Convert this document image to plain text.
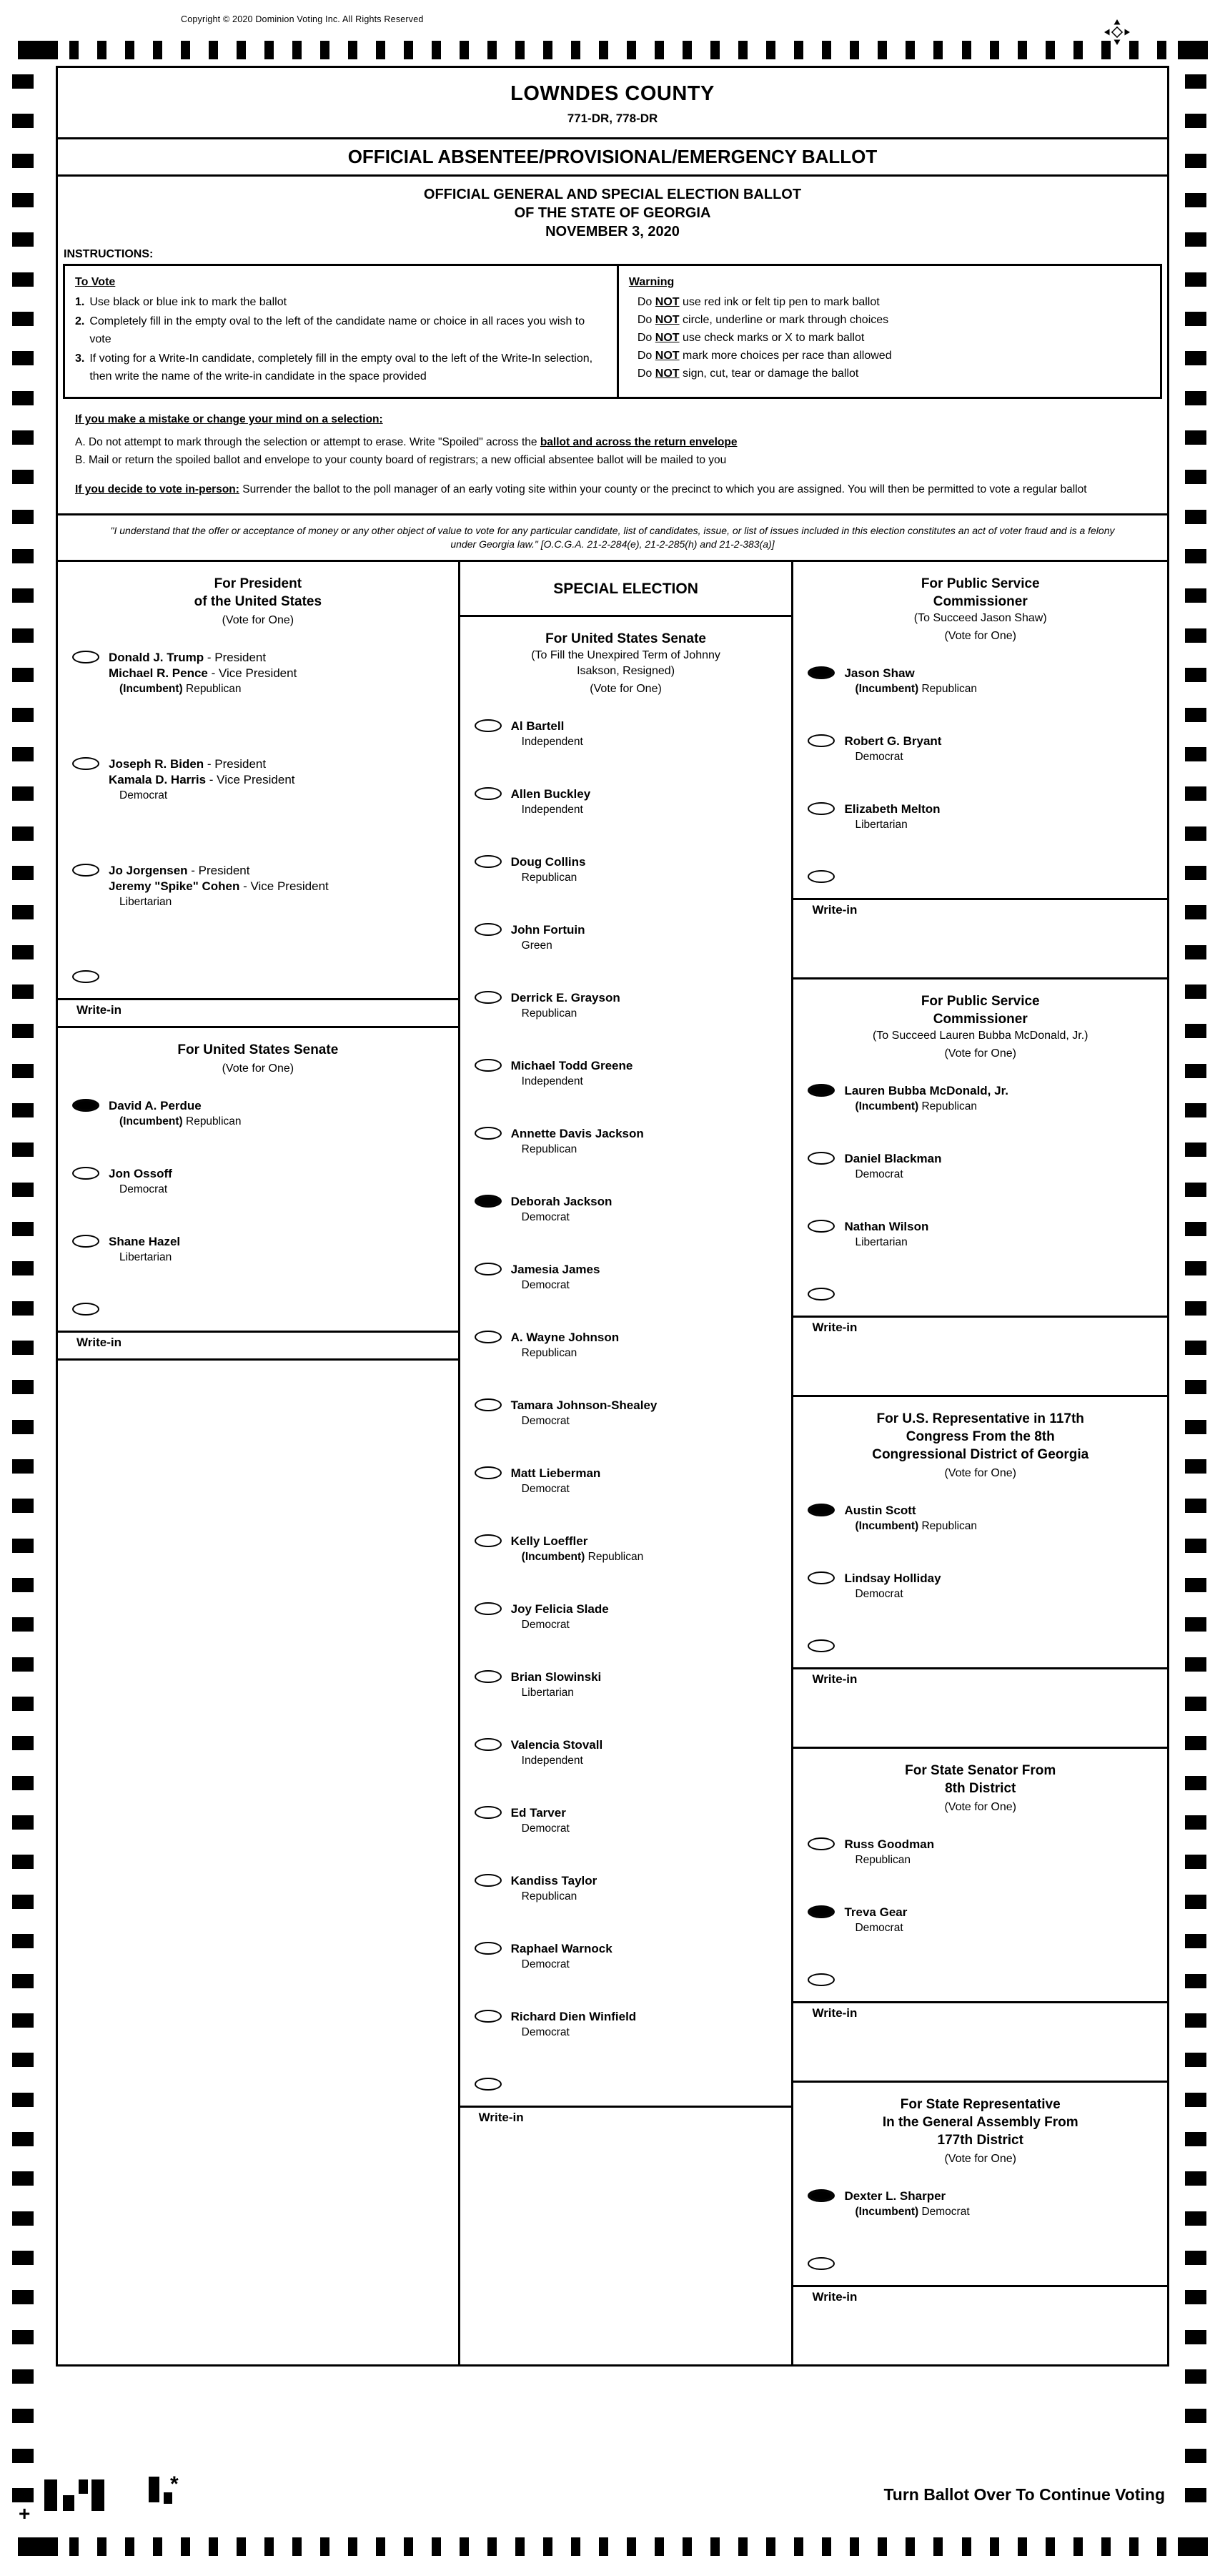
Copyright © 2020 Dominion Voting Inc. All Rights Reserved
LOWNDES COUNTY
771-DR, 778-DR
OFFICIAL ABSENTEE/PROVISIONAL/EMERGENCY BALLOT
OFFICIAL GENERAL AND SPECIAL ELECTION BALLOT
OF THE STATE OF GEORGIA
NOVEMBER 3, 2020
INSTRUCTIONS:
To Vote
1. Use black or blue ink to mark the ballot
2. Completely fill in the empty oval to the left of the candidate name or choice in all races you wish to vote
3. If voting for a Write-In candidate, completely fill in the empty oval to the left of the Write-In selection, then write the name of the write-in candidate in the space provided
Warning
Do NOT use red ink or felt tip pen to mark ballot
Do NOT circle, underline or mark through choices
Do NOT use check marks or X to mark ballot
Do NOT mark more choices per race than allowed
Do NOT sign, cut, tear or damage the ballot
If you make a mistake or change your mind on a selection:
A. Do not attempt to mark through the selection or attempt to erase. Write "Spoiled" across the ballot and across the return envelope
B. Mail or return the spoiled ballot and envelope to your county board of registrars; a new official absentee ballot will be mailed to you
If you decide to vote in-person: Surrender the ballot to the poll manager of an early voting site within your county or the precinct to which you are assigned. You will then be permitted to vote a regular ballot
"I understand that the offer or acceptance of money or any other object of value to vote for any particular candidate, list of candidates, issue, or list of issues included in this election constitutes an act of voter fraud and is a felony under Georgia law." [O.C.G.A. 21-2-284(e), 21-2-285(h) and 21-2-383(a)]
For President
of the United States
(Vote for One)
Donald J. Trump - President
Michael R. Pence - Vice President
(Incumbent) Republican
Joseph R. Biden - President
Kamala D. Harris - Vice President
Democrat
Jo Jorgensen - President
Jeremy "Spike" Cohen - Vice President
Libertarian
Write-in
For United States Senate
(Vote for One)
David A. Perdue
(Incumbent) Republican
Jon Ossoff
Democrat
Shane Hazel
Libertarian
Write-in
SPECIAL ELECTION
For United States Senate
(To Fill the Unexpired Term of Johnny
Isakson, Resigned)
(Vote for One)
Al Bartell
Independent
Allen Buckley
Independent
Doug Collins
Republican
John Fortuin
Green
Derrick E. Grayson
Republican
Michael Todd Greene
Independent
Annette Davis Jackson
Republican
Deborah Jackson
Democrat
Jamesia James
Democrat
A. Wayne Johnson
Republican
Tamara Johnson-Shealey
Democrat
Matt Lieberman
Democrat
Kelly Loeffler
(Incumbent) Republican
Joy Felicia Slade
Democrat
Brian Slowinski
Libertarian
Valencia Stovall
Independent
Ed Tarver
Democrat
Kandiss Taylor
Republican
Raphael Warnock
Democrat
Richard Dien Winfield
Democrat
Write-in
For Public Service
Commissioner
(To Succeed Jason Shaw)
(Vote for One)
Jason Shaw
(Incumbent) Republican
Robert G. Bryant
Democrat
Elizabeth Melton
Libertarian
Write-in
For Public Service
Commissioner
(To Succeed Lauren Bubba McDonald, Jr.)
(Vote for One)
Lauren Bubba McDonald, Jr.
(Incumbent) Republican
Daniel Blackman
Democrat
Nathan Wilson
Libertarian
Write-in
For U.S. Representative in 117th
Congress From the 8th
Congressional District of Georgia
(Vote for One)
Austin Scott
(Incumbent) Republican
Lindsay Holliday
Democrat
Write-in
For State Senator From
8th District
(Vote for One)
Russ Goodman
Republican
Treva Gear
Democrat
Write-in
For State Representative
In the General Assembly From
177th District
(Vote for One)
Dexter L. Sharper
(Incumbent) Democrat
Write-in
+
*	Turn Ballot Over To Continue Voting
